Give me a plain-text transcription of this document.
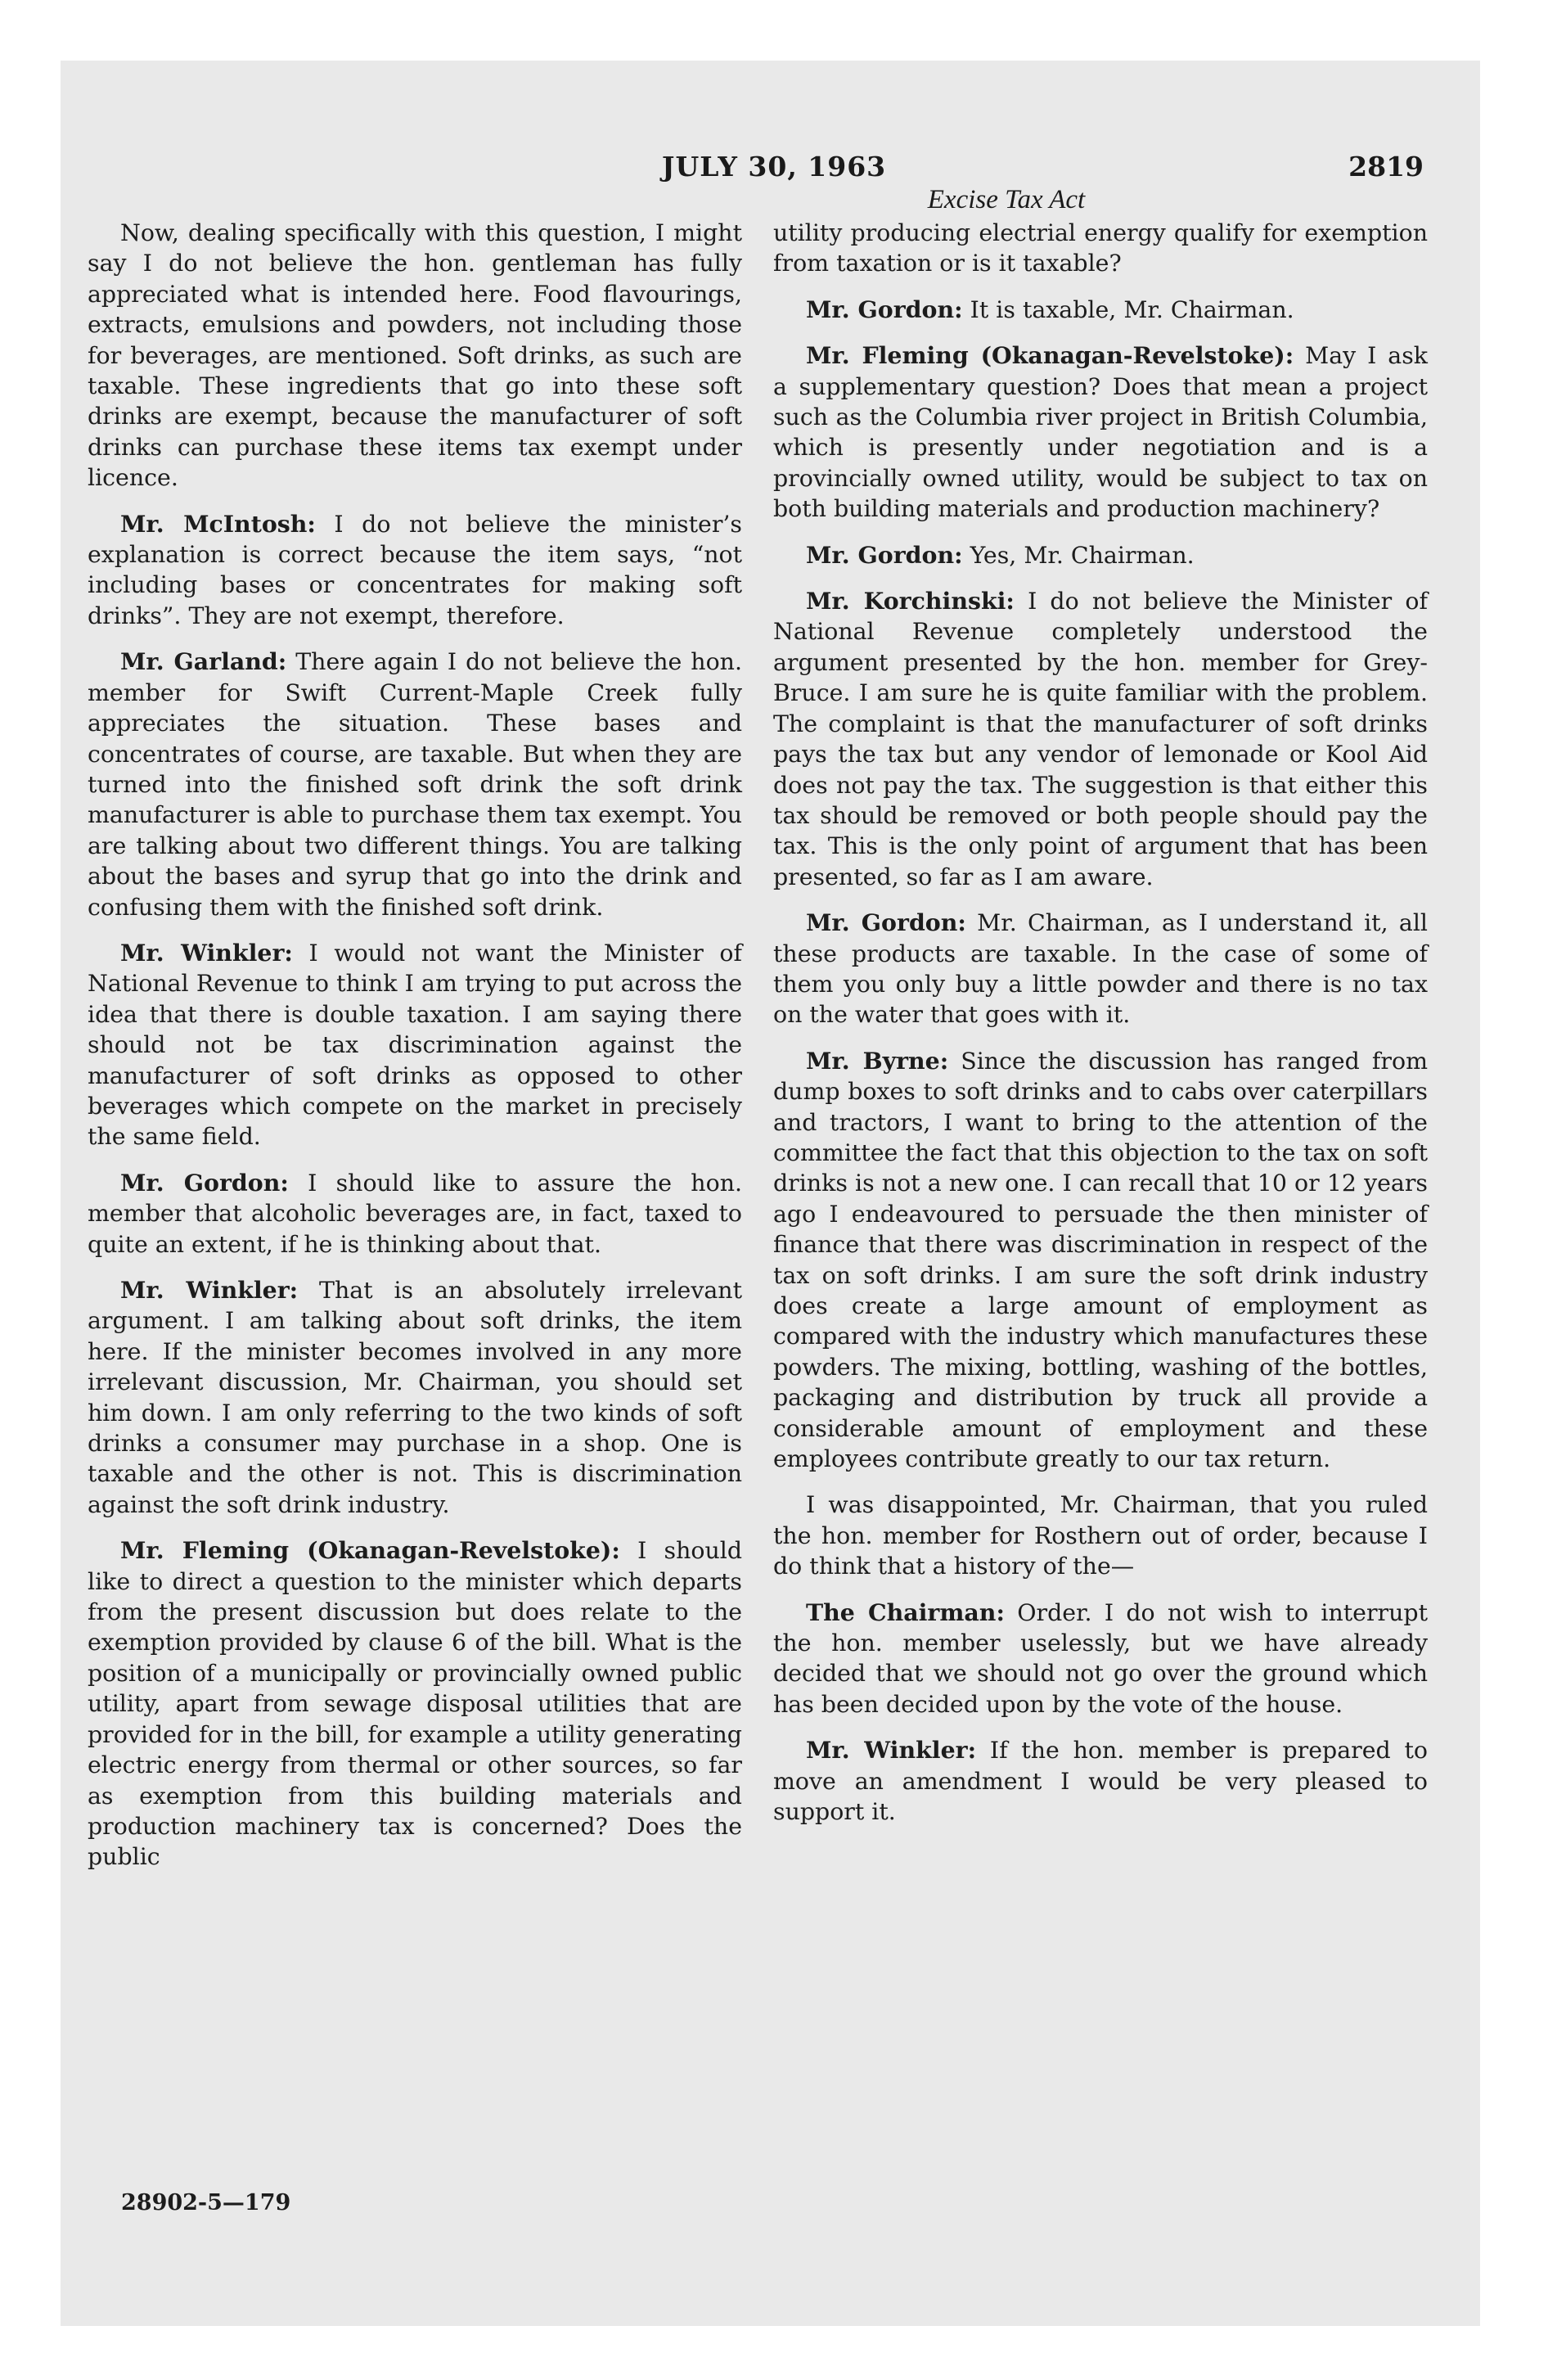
JULY 30, 1963	2819
Excise Tax Act

Now, dealing specifically with this question, I might say I do not believe the hon. gentleman has fully appreciated what is intended here. Food flavourings, extracts, emulsions and powders, not including those for beverages, are mentioned. Soft drinks, as such are taxable. These ingredients that go into these soft drinks are exempt, because the manufacturer of soft drinks can purchase these items tax exempt under licence.

Mr. McIntosh: I do not believe the minister’s explanation is correct because the item says, “not including bases or concentrates for making soft drinks”. They are not exempt, therefore.

Mr. Garland: There again I do not believe the hon. member for Swift Current-Maple Creek fully appreciates the situation. These bases and concentrates of course, are taxable. But when they are turned into the finished soft drink the soft drink manufacturer is able to purchase them tax exempt. You are talking about two different things. You are talking about the bases and syrup that go into the drink and confusing them with the finished soft drink.

Mr. Winkler: I would not want the Minister of National Revenue to think I am trying to put across the idea that there is double taxation. I am saying there should not be tax discrimination against the manufacturer of soft drinks as opposed to other beverages which compete on the market in precisely the same field.

Mr. Gordon: I should like to assure the hon. member that alcoholic beverages are, in fact, taxed to quite an extent, if he is thinking about that.

Mr. Winkler: That is an absolutely irrelevant argument. I am talking about soft drinks, the item here. If the minister becomes involved in any more irrelevant discussion, Mr. Chairman, you should set him down. I am only referring to the two kinds of soft drinks a consumer may purchase in a shop. One is taxable and the other is not. This is discrimination against the soft drink industry.

Mr. Fleming (Okanagan-Revelstoke): I should like to direct a question to the minister which departs from the present discussion but does relate to the exemption provided by clause 6 of the bill. What is the position of a municipally or provincially owned public utility, apart from sewage disposal utilities that are provided for in the bill, for example a utility generating electric energy from thermal or other sources, so far as exemption from this building materials and production machinery tax is concerned? Does the public

utility producing electrial energy qualify for exemption from taxation or is it taxable?

Mr. Gordon: It is taxable, Mr. Chairman.

Mr. Fleming (Okanagan-Revelstoke): May I ask a supplementary question? Does that mean a project such as the Columbia river project in British Columbia, which is presently under negotiation and is a provincially owned utility, would be subject to tax on both building materials and production machinery?

Mr. Gordon: Yes, Mr. Chairman.

Mr. Korchinski: I do not believe the Minister of National Revenue completely understood the argument presented by the hon. member for Grey-Bruce. I am sure he is quite familiar with the problem. The complaint is that the manufacturer of soft drinks pays the tax but any vendor of lemonade or Kool Aid does not pay the tax. The suggestion is that either this tax should be removed or both people should pay the tax. This is the only point of argument that has been presented, so far as I am aware.

Mr. Gordon: Mr. Chairman, as I understand it, all these products are taxable. In the case of some of them you only buy a little powder and there is no tax on the water that goes with it.

Mr. Byrne: Since the discussion has ranged from dump boxes to soft drinks and to cabs over caterpillars and tractors, I want to bring to the attention of the committee the fact that this objection to the tax on soft drinks is not a new one. I can recall that 10 or 12 years ago I endeavoured to persuade the then minister of finance that there was discrimination in respect of the tax on soft drinks. I am sure the soft drink industry does create a large amount of employment as compared with the industry which manufactures these powders. The mixing, bottling, washing of the bottles, packaging and distribution by truck all provide a considerable amount of employment and these employees contribute greatly to our tax return.

I was disappointed, Mr. Chairman, that you ruled the hon. member for Rosthern out of order, because I do think that a history of the—

The Chairman: Order. I do not wish to interrupt the hon. member uselessly, but we have already decided that we should not go over the ground which has been decided upon by the vote of the house.

Mr. Winkler: If the hon. member is prepared to move an amendment I would be very pleased to support it.

28902-5—179
